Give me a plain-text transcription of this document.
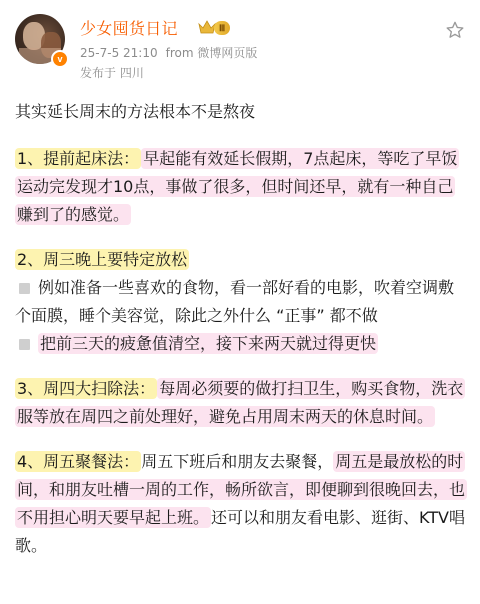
v
少女囤货日记	Ⅲ
25-7-5 21:10 from 微博网页版
发布于 四川

其实延长周末的方法根本不是熬夜

1、提前起床法： 早起能有效延长假期，7点起床，等吃了早饭运动完发现才10点，事做了很多，但时间还早，就有一种自己赚到了的感觉。

2、周三晚上要特定放松
例如准备一些喜欢的食物，看一部好看的电影，吹着空调敷个面膜，睡个美容觉，除此之外什么 “正事” 都不做
把前三天的疲惫值清空，接下来两天就过得更快

3、周四大扫除法： 每周必须要的做打扫卫生，购买食物，洗衣服等放在周四之前处理好，避免占用周末两天的休息时间。

4、周五聚餐法： 周五下班后和朋友去聚餐， 周五是最放松的时间，和朋友吐槽一周的工作，畅所欲言，即便聊到很晚回去，也不用担心明天要早起上班。 还可以和朋友看电影、逛街、KTV唱歌。
